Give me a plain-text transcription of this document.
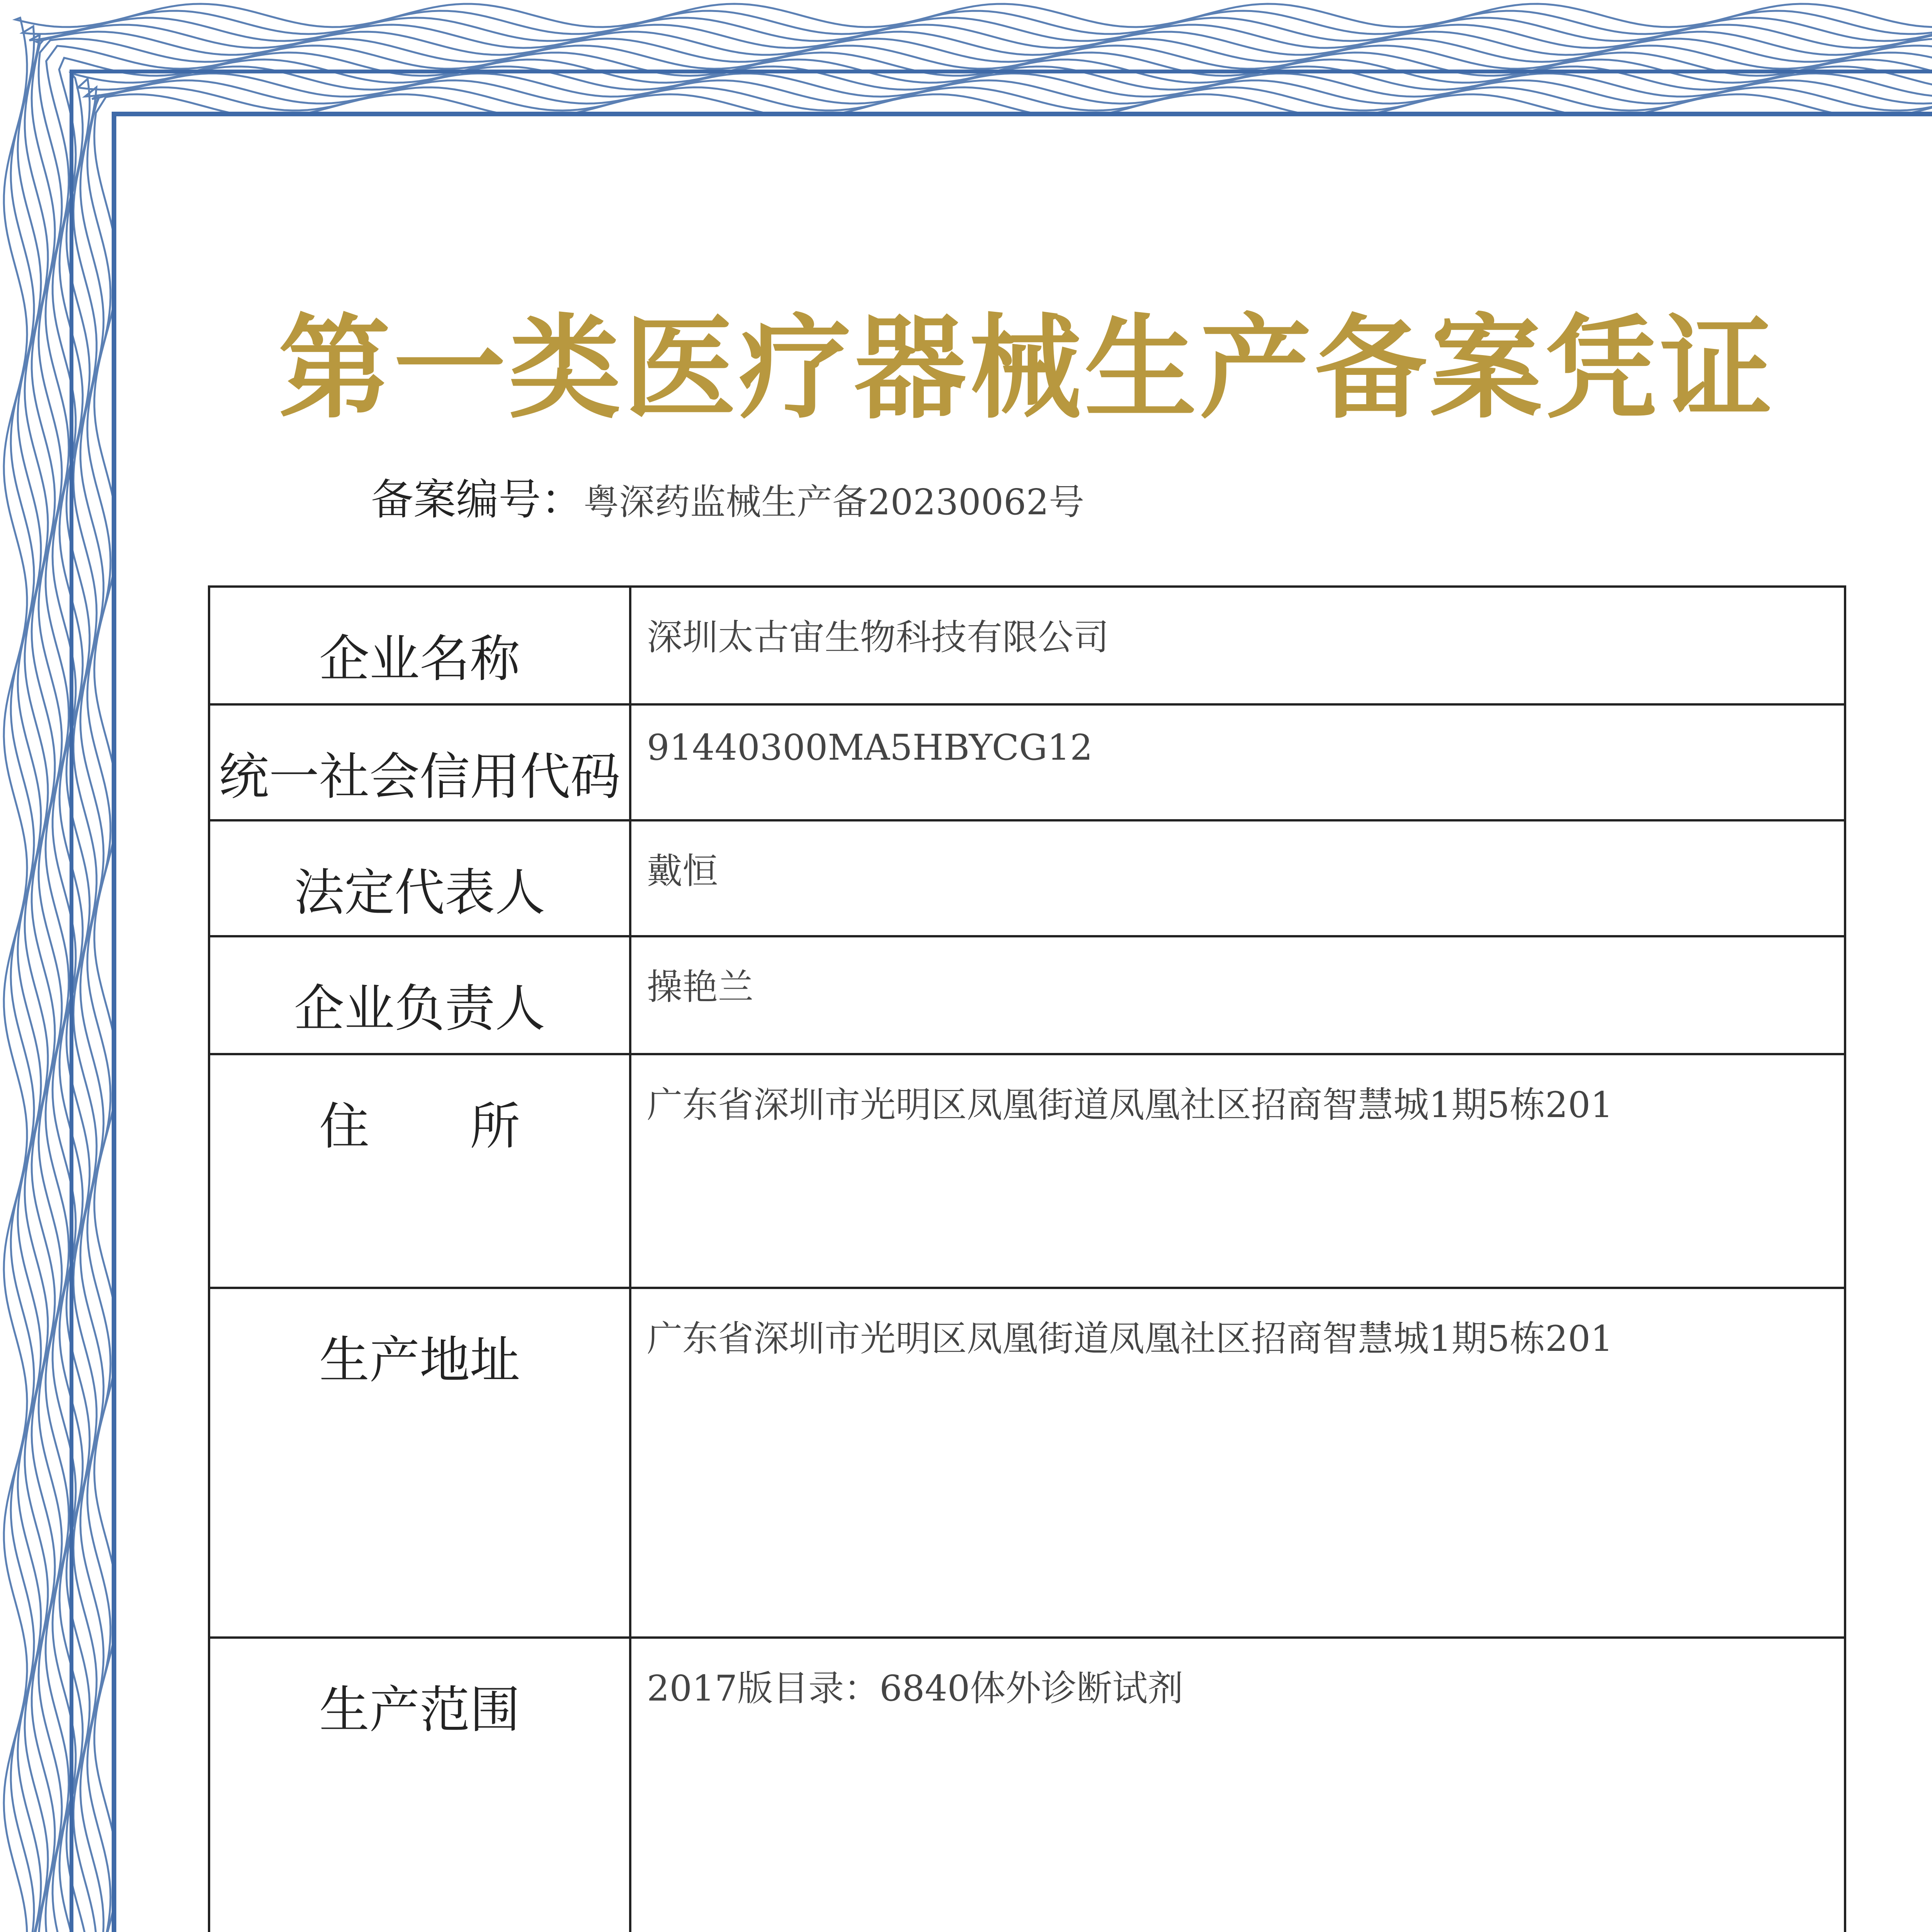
第一类医疗器械生产备案凭证
备案编号：粤深药监械生产备20230062号
企业名称	深圳太古宙生物科技有限公司
统一社会信用代码	91440300MA5HBYCG12
法定代表人	戴恒
企业负责人	操艳兰
住　　所	广东省深圳市光明区凤凰街道凤凰社区招商智慧城1期5栋201
生产地址	广东省深圳市光明区凤凰街道凤凰社区招商智慧城1期5栋201
生产范围	2017版目录：6840体外诊断试剂
